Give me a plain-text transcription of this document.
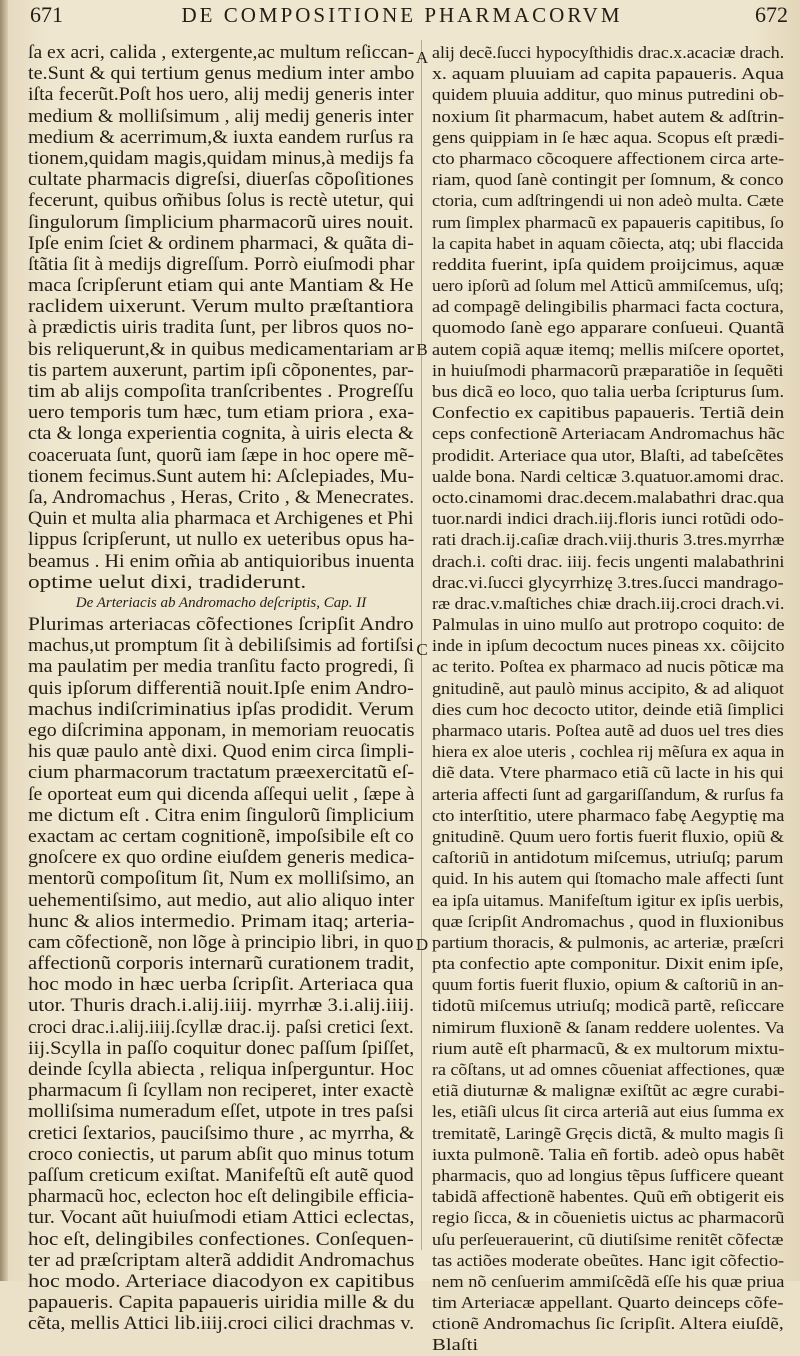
671	DE COMPOSITIONE PHARMACORVM	672
A
B
C
D
ſa ex acri, calida , extergente,ac multum reſiccan-
te.Sunt & qui tertium genus medium inter ambo
iſta fecerũt.Poſt hos uero, alij medij generis inter
medium & molliſsimum , alij medij generis inter
medium & acerrimum,& iuxta eandem rurſus ra
tionem,quidam magis,quidam minus,à medijs fa
cultate pharmacis digreſsi, diuerſas cõpoſitiones
fecerunt, quibus om̃ibus ſolus is rectè utetur, qui
ſingulorum ſimplicium pharmacorũ uires nouit.
Ipſe enim ſciet & ordinem pharmaci, & quãta di-
ſtãtia ſit à medijs digreſſum. Porrò eiuſmodi phar
maca ſcripſerunt etiam qui ante Mantiam & He
raclidem uixerunt. Verum multo præſtantiora
à prædictis uiris tradita ſunt, per libros quos no-
bis reliquerunt,& in quibus medicamentariam ar
tis partem auxerunt, partim ipſi cõponentes, par-
tim ab alijs compoſita tranſcribentes . Progreſſu
uero temporis tum hæc, tum etiam priora , exa-
cta & longa experientia cognita, à uiris electa &
coaceruata ſunt, quorũ iam ſæpe in hoc opere mẽ-
tionem fecimus.Sunt autem hi: Aſclepiades, Mu-
ſa, Andromachus , Heras, Crito , & Menecrates.
Quin et multa alia pharmaca et Archigenes et Phi
lippus ſcripſerunt, ut nullo ex ueteribus opus ha-
beamus . Hi enim om̃ia ab antiquioribus inuenta
optime uelut dixi, tradiderunt.
De Arteriacis ab Andromacho deſcriptis, Cap. II
Plurimas arteriacas cõfectiones ſcripſit Andro
machus,ut promptum ſit à debiliſsimis ad fortiſsi
ma paulatim per media tranſitu facto progredi, ſi
quis ipſorum differentiã nouit.Ipſe enim Andro-
machus indiſcriminatius ipſas prodidit. Verum
ego diſcrimina apponam, in memoriam reuocatis
his quæ paulo antè dixi. Quod enim circa ſimpli-
cium pharmacorum tractatum præexercitatũ eſ-
ſe oporteat eum qui dicenda aſſequi uelit , ſæpe à
me dictum eſt . Citra enim ſingulorũ ſimplicium
exactam ac certam cognitionẽ, impoſsibile eſt co
gnoſcere ex quo ordine eiuſdem generis medica-
mentorũ compoſitum ſit, Num ex molliſsimo, an
uehementiſsimo, aut medio, aut alio aliquo inter
hunc & alios intermedio. Primam itaq; arteria-
cam cõfectionẽ, non lõge à principio libri, in quo
affectionũ corporis internarũ curationem tradit,
hoc modo in hæc uerba ſcripſit. Arteriaca qua
utor. Thuris drach.i.alij.iiij. myrrhæ 3.i.alij.iiij.
croci drac.i.alij.iiij.ſcyllæ drac.ij. paſsi cretici ſext.
iij.Scylla in paſſo coquitur donec paſſum ſpiſſet,
deinde ſcylla abiecta , reliqua inſperguntur. Hoc
pharmacum ſi ſcyllam non reciperet, inter exactè
molliſsima numeradum eſſet, utpote in tres paſsi
cretici ſextarios, pauciſsimo thure , ac myrrha, &
croco coniectis, ut parum abſit quo minus totum
paſſum creticum exiſtat. Manifeſtũ eſt autẽ quod
pharmacũ hoc, eclecton hoc eſt delingibile efficia-
tur. Vocant aũt huiuſmodi etiam Attici eclectas,
hoc eſt, delingibiles confectiones. Conſequen-
ter ad præſcriptam alterã addidit Andromachus
hoc modo. Arteriace diacodyon ex capitibus
papaueris. Capita papaueris uiridia mille & du
cẽta, mellis Attici lib.iiij.croci cilici drachmas v.
alij decẽ.ſucci hypocyſthidis drac.x.acaciæ drach.
x. aquam pluuiam ad capita papaueris. Aqua
quidem pluuia additur, quo minus putredini ob-
noxium ſit pharmacum, habet autem & adſtrin-
gens quippiam in ſe hæc aqua. Scopus eſt prædi-
cto pharmaco cõcoquere affectionem circa arte-
riam, quod ſanè contingit per ſomnum, & conco
ctoria, cum adſtringendi ui non adeò multa. Cæte
rum ſimplex pharmacũ ex papaueris capitibus, ſo
la capita habet in aquam cõiecta, atq; ubi flaccida
reddita fuerint, ipſa quidem proijcimus, aquæ
uero ipſorũ ad ſolum mel Atticũ ammiſcemus, uſq;
ad compagẽ delingibilis pharmaci facta coctura,
quomodo ſanè ego apparare conſueui. Quantã
autem copiã aquæ itemq; mellis miſcere oportet,
in huiuſmodi pharmacorũ præparatiõe in ſequẽti
bus dicã eo loco, quo talia uerba ſcripturus ſum.
Confectio ex capitibus papaueris. Tertiã dein
ceps confectionẽ Arteriacam Andromachus hãc
prodidit. Arteriace qua utor, Blaſti, ad tabeſcẽtes
ualde bona. Nardi celticæ 3.quatuor.amomi drac.
octo.cinamomi drac.decem.malabathri drac.qua
tuor.nardi indici drach.iij.floris iunci rotũdi odo-
rati drach.ij.caſiæ drach.viij.thuris 3.tres.myrrhæ
drach.i. coſti drac. iiij. fecis ungenti malabathrini
drac.vi.ſucci glycyrrhizę 3.tres.ſucci mandrago-
ræ drac.v.maſtiches chiæ drach.iij.croci drach.vi.
Palmulas in uino mulſo aut protropo coquito: de
inde in ipſum decoctum nuces pineas xx. cõijcito
ac terito. Poſtea ex pharmaco ad nucis põticæ ma
gnitudinẽ, aut paulò minus accipito, & ad aliquot
dies cum hoc decocto utitor, deinde etiã ſimplici
pharmaco utaris. Poſtea autẽ ad duos uel tres dies
hiera ex aloe uteris , cochlea rij mẽſura ex aqua in
diẽ data. Vtere pharmaco etiã cũ lacte in his qui
arteria affecti ſunt ad gargariſſandum, & rurſus fa
cto interſtitio, utere pharmaco fabę Aegyptię ma
gnitudinẽ. Quum uero fortis fuerit fluxio, opiũ &
caſtoriũ in antidotum miſcemus, utriuſq; parum
quid. In his autem qui ſtomacho male affecti ſunt
ea ipſa uitamus. Manifeſtum igitur ex ipſis uerbis,
quæ ſcripſit Andromachus , quod in fluxionibus
partium thoracis, & pulmonis, ac arteriæ, præſcri
pta confectio apte componitur. Dixit enim ipſe,
quum fortis fuerit fluxio, opium & caſtoriũ in an-
tidotũ miſcemus utriuſq; modicã partẽ, reſiccare
nimirum fluxionẽ & ſanam reddere uolentes. Va
rium autẽ eſt pharmacũ, & ex multorum mixtu-
ra cõſtans, ut ad omnes cõueniat affectiones, quæ
etiã diuturnæ & malignæ exiſtũt ac ægre curabi-
les, etiãſi ulcus ſit circa arteriã aut eius ſumma ex
tremitatẽ, Laringẽ Gręcis dictã, & multo magis ſi
iuxta pulmonẽ. Talia eñ fortib. adeò opus habẽt
pharmacis, quo ad longius tẽpus ſufficere queant
tabidã affectionẽ habentes. Quũ em̃ obtigerit eis
regio ſicca, & in cõuenietis uictus ac pharmacorũ
uſu perſeuerauerint, cũ diutiſsime renitẽt cõfectæ
tas actiões moderate obeũtes. Hanc igit cõfectio-
nem nõ cenſuerim ammiſcẽdã eſſe his quæ priua
tim Arteriacæ appellant. Quarto deinceps cõfe-
ctionẽ Andromachus ſic ſcripſit. Altera eiuſdẽ,
Blaſti
